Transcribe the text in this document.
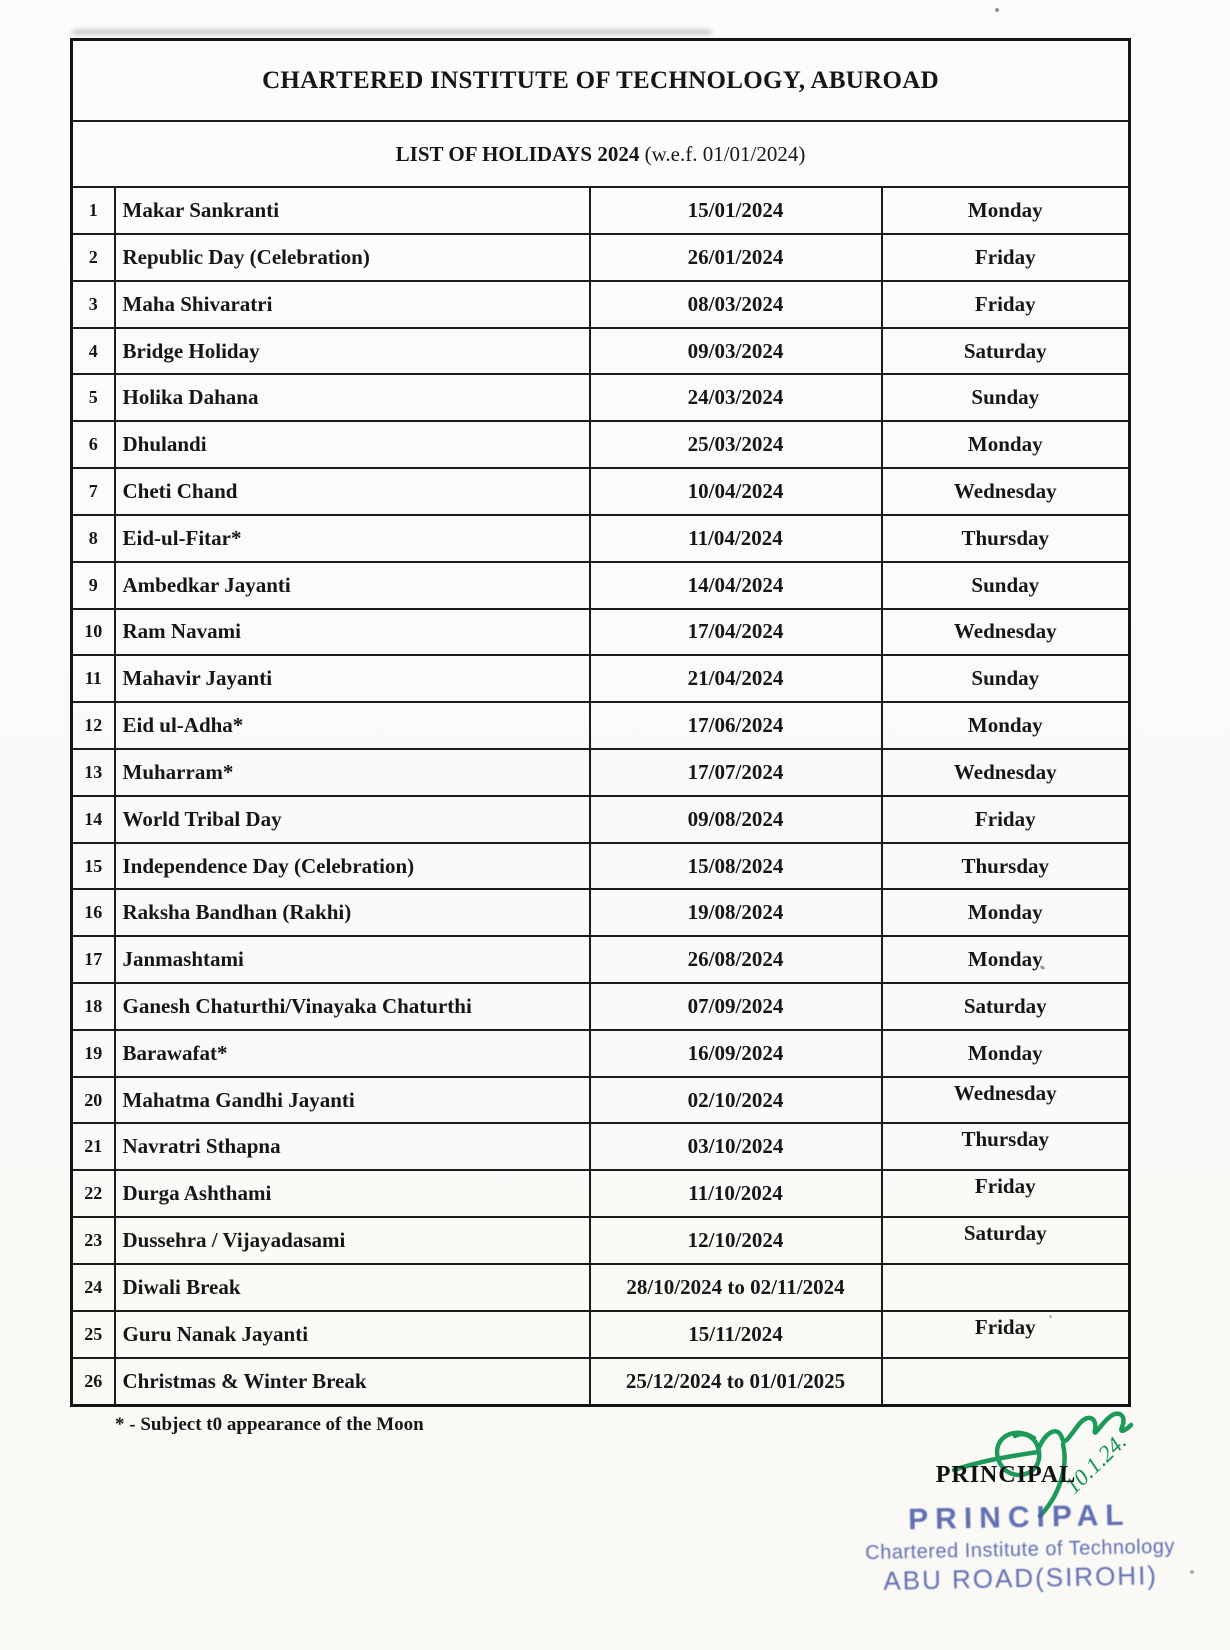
CHARTERED INSTITUTE OF TECHNOLOGY, ABUROAD			
LIST OF HOLIDAYS 2024 (w.e.f. 01/01/2024)			
1	Makar Sankranti	15/01/2024	Monday

2	Republic Day (Celebration)	26/01/2024	Friday

3	Maha Shivaratri	08/03/2024	Friday

4	Bridge Holiday	09/03/2024	Saturday

5	Holika Dahana	24/03/2024	Sunday

6	Dhulandi	25/03/2024	Monday

7	Cheti Chand	10/04/2024	Wednesday

8	Eid-ul-Fitar*	11/04/2024	Thursday

9	Ambedkar Jayanti	14/04/2024	Sunday

10	Ram Navami	17/04/2024	Wednesday

11	Mahavir Jayanti	21/04/2024	Sunday

12	Eid ul-Adha*	17/06/2024	Monday

13	Muharram*	17/07/2024	Wednesday

14	World Tribal Day	09/08/2024	Friday

15	Independence Day (Celebration)	15/08/2024	Thursday

16	Raksha Bandhan (Rakhi)	19/08/2024	Monday

17	Janmashtami	26/08/2024	Monday

18	Ganesh Chaturthi/Vinayaka Chaturthi	07/09/2024	Saturday

19	Barawafat*	16/09/2024	Monday

20	Mahatma Gandhi Jayanti	02/10/2024	Wednesday

21	Navratri Sthapna	03/10/2024	Thursday

22	Durga Ashthami	11/10/2024	Friday

23	Dussehra / Vijayadasami	12/10/2024	Saturday

24	Diwali Break	28/10/2024 to 02/11/2024	

25	Guru Nanak Jayanti	15/11/2024	Friday

26	Christmas & Winter Break	25/12/2024 to 01/01/2025	
* - Subject t0 appearance of the Moon
10.1.24.
PRINCIPAL
PRINCIPAL
Chartered Institute of Technology
ABU ROAD(SIROHI)
